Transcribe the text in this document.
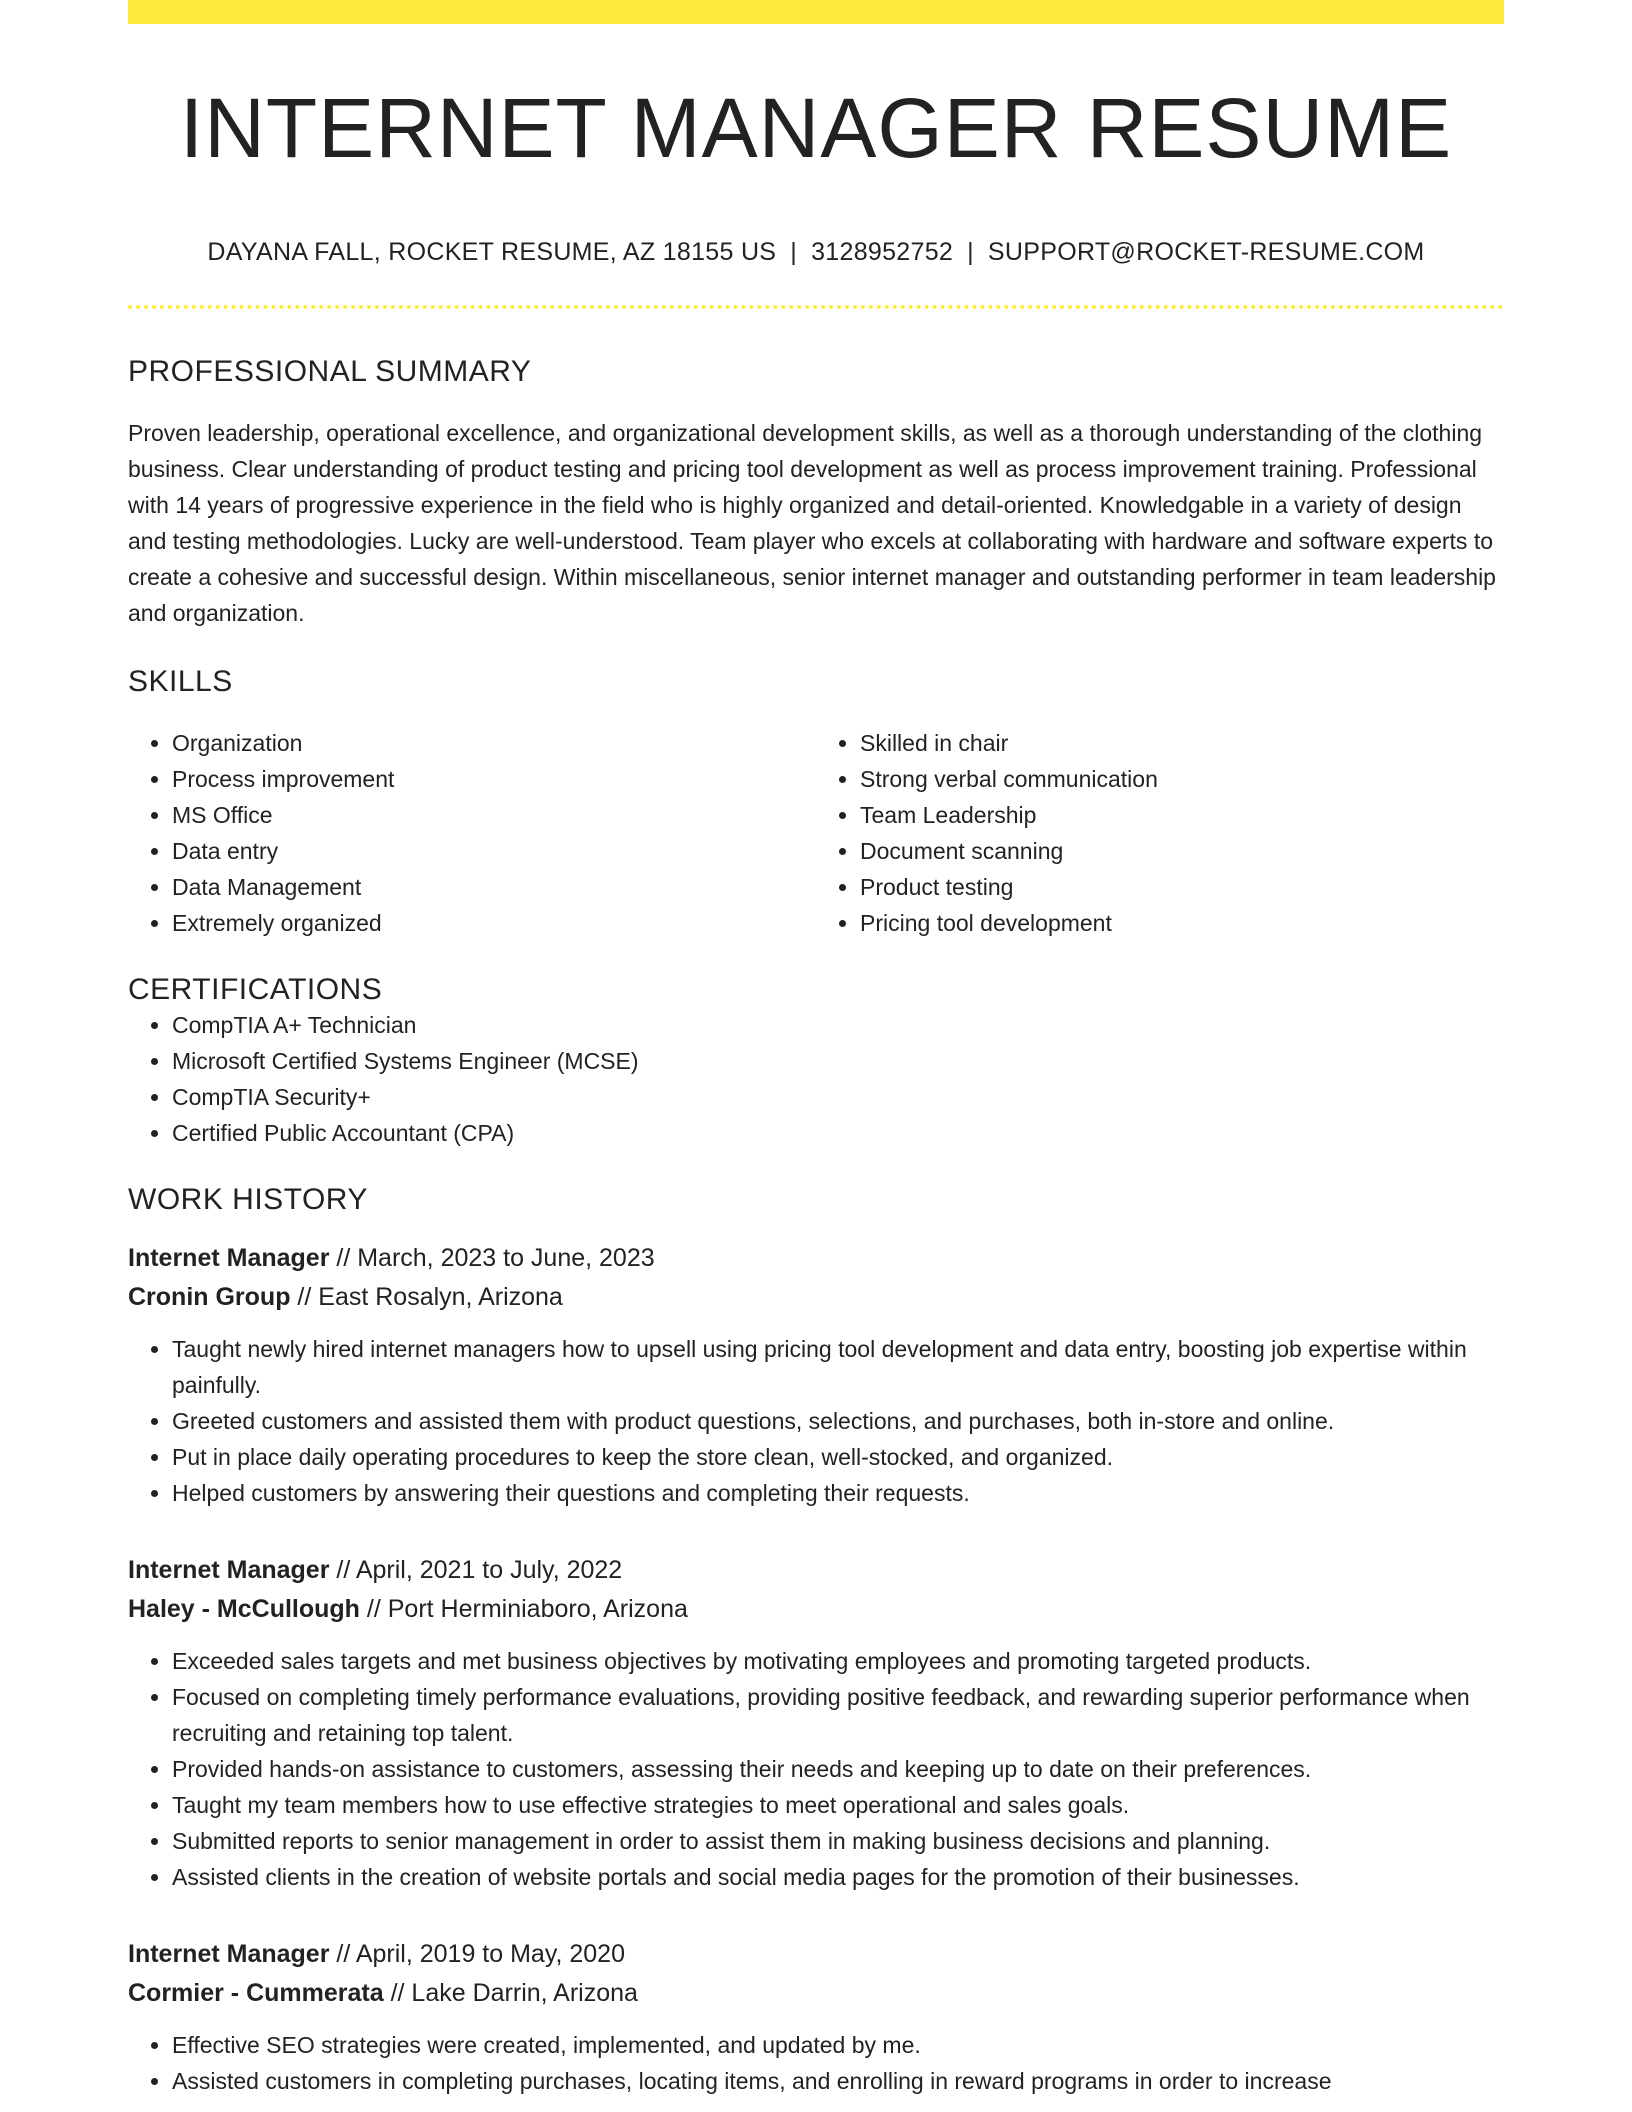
INTERNET MANAGER RESUME
DAYANA FALL, ROCKET RESUME, AZ 18155 US | 3128952752 | SUPPORT@ROCKET-RESUME.COM
PROFESSIONAL SUMMARY

Proven leadership, operational excellence, and organizational development skills, as well as a thorough understanding of the clothing business. Clear understanding of product testing and pricing tool development as well as process improvement training. Professional with 14 years of progressive experience in the field who is highly organized and detail-oriented. Knowledgable in a variety of design and testing methodologies. Lucky are well-understood. Team player who excels at collaborating with hardware and software experts to create a cohesive and successful design. Within miscellaneous, senior internet manager and outstanding performer in team leadership and organization.

SKILLS
• Organization
• Process improvement
• MS Office
• Data entry
• Data Management
• Extremely organized
• Skilled in chair
• Strong verbal communication
• Team Leadership
• Document scanning
• Product testing
• Pricing tool development
CERTIFICATIONS
• CompTIA A+ Technician
• Microsoft Certified Systems Engineer (MCSE)
• CompTIA Security+
• Certified Public Accountant (CPA)
WORK HISTORY
Internet Manager // March, 2023 to June, 2023
Cronin Group // East Rosalyn, Arizona
• Taught newly hired internet managers how to upsell using pricing tool development and data entry, boosting job expertise within painfully.
• Greeted customers and assisted them with product questions, selections, and purchases, both in-store and online.
• Put in place daily operating procedures to keep the store clean, well-stocked, and organized.
• Helped customers by answering their questions and completing their requests.
Internet Manager // April, 2021 to July, 2022
Haley - McCullough // Port Herminiaboro, Arizona
• Exceeded sales targets and met business objectives by motivating employees and promoting targeted products.
• Focused on completing timely performance evaluations, providing positive feedback, and rewarding superior performance when recruiting and retaining top talent.
• Provided hands-on assistance to customers, assessing their needs and keeping up to date on their preferences.
• Taught my team members how to use effective strategies to meet operational and sales goals.
• Submitted reports to senior management in order to assist them in making business decisions and planning.
• Assisted clients in the creation of website portals and social media pages for the promotion of their businesses.
Internet Manager // April, 2019 to May, 2020
Cormier - Cummerata // Lake Darrin, Arizona
• Effective SEO strategies were created, implemented, and updated by me.
• Assisted customers in completing purchases, locating items, and enrolling in reward programs in order to increase
